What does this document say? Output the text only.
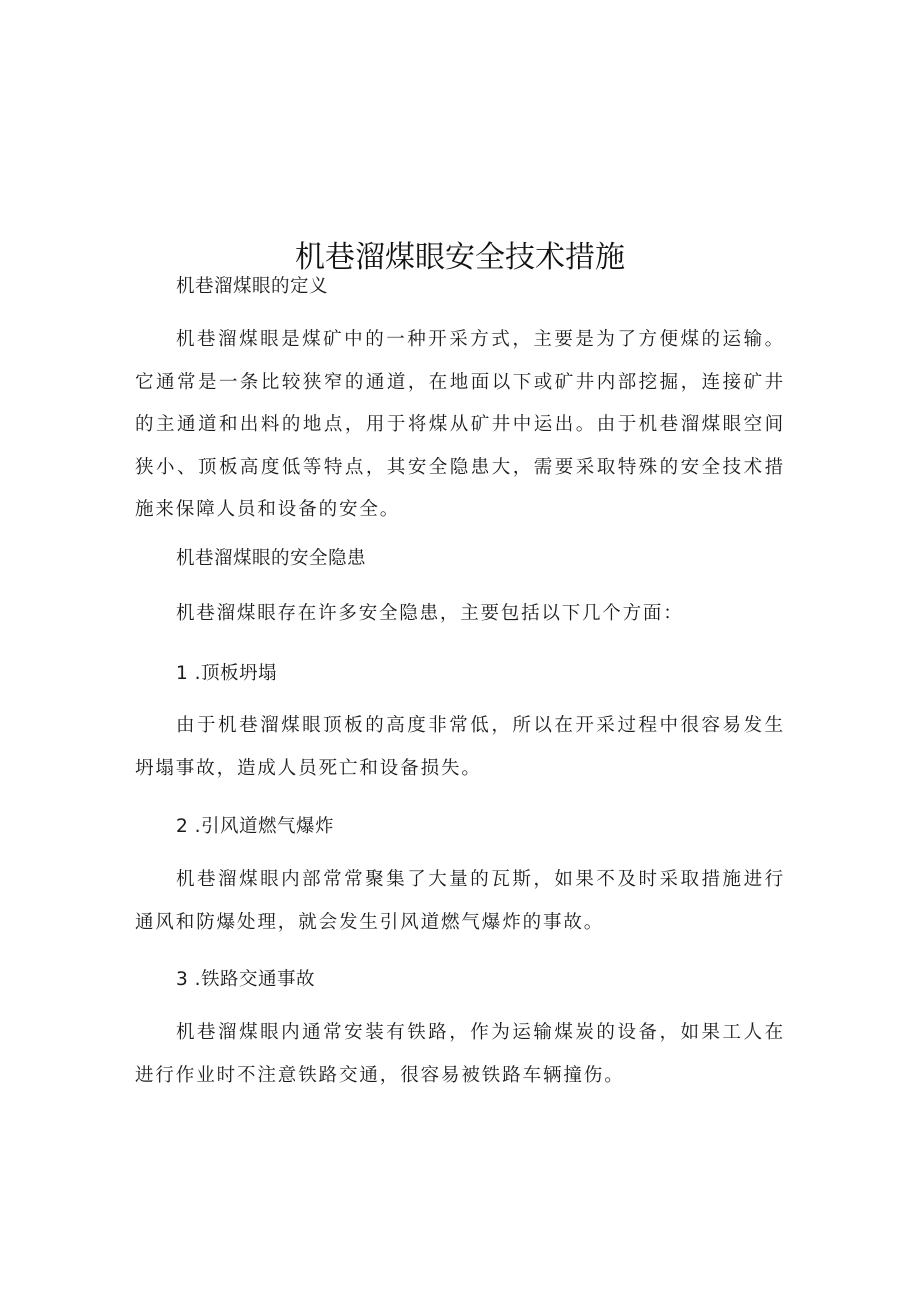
机巷溜煤眼安全技术措施
机巷溜煤眼的定义
机巷溜煤眼是煤矿中的一种开采方式，主要是为了方便煤的运输。它通常是一条比较狭窄的通道，在地面以下或矿井内部挖掘，连接矿井的主通道和出料的地点，用于将煤从矿井中运出。由于机巷溜煤眼空间狭小、顶板高度低等特点，其安全隐患大，需要采取特殊的安全技术措施来保障人员和设备的安全。
机巷溜煤眼的安全隐患
机巷溜煤眼存在许多安全隐患，主要包括以下几个方面：
1 .顶板坍塌
由于机巷溜煤眼顶板的高度非常低，所以在开采过程中很容易发生坍塌事故，造成人员死亡和设备损失。
2 .引风道燃气爆炸
机巷溜煤眼内部常常聚集了大量的瓦斯，如果不及时采取措施进行通风和防爆处理，就会发生引风道燃气爆炸的事故。
3 .铁路交通事故
机巷溜煤眼内通常安装有铁路，作为运输煤炭的设备，如果工人在进行作业时不注意铁路交通，很容易被铁路车辆撞伤。
